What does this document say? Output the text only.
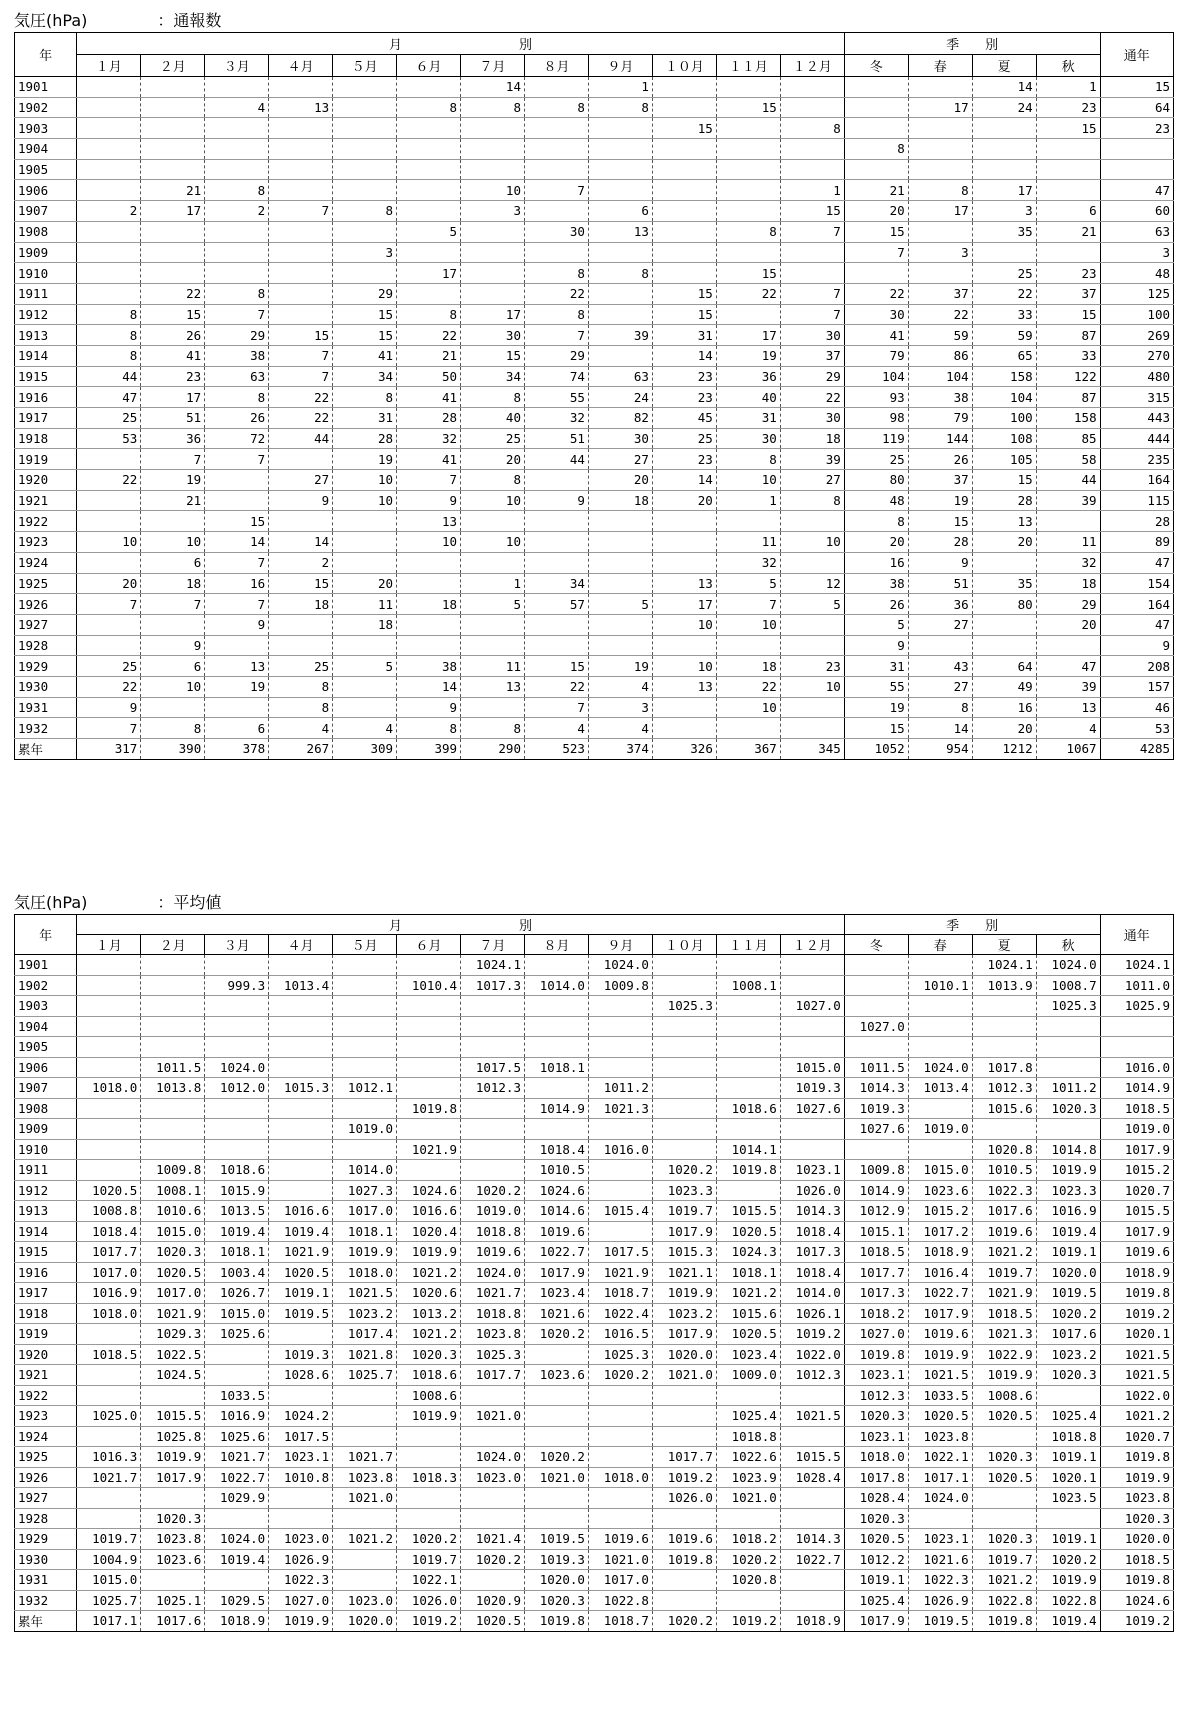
気圧(hPa)	：通報数
年	月　　　　　　　　　別												季　　別				通年
	１月	２月	３月	４月	５月	６月	７月	８月	９月	１０月	１１月	１２月	冬	春	夏	秋	
1901							14		1						14	1	15
1902			4	13		8	8	8	8		15			17	24	23	64
1903										15		8				15	23
1904													8				
1905																	
1906		21	8				10	7				1	21	8	17		47
1907	2	17	2	7	8		3		6			15	20	17	3	6	60
1908						5		30	13		8	7	15		35	21	63
1909					3								7	3			3
1910						17		8	8		15				25	23	48
1911		22	8		29			22		15	22	7	22	37	22	37	125
1912	8	15	7		15	8	17	8		15		7	30	22	33	15	100
1913	8	26	29	15	15	22	30	7	39	31	17	30	41	59	59	87	269
1914	8	41	38	7	41	21	15	29		14	19	37	79	86	65	33	270
1915	44	23	63	7	34	50	34	74	63	23	36	29	104	104	158	122	480
1916	47	17	8	22	8	41	8	55	24	23	40	22	93	38	104	87	315
1917	25	51	26	22	31	28	40	32	82	45	31	30	98	79	100	158	443
1918	53	36	72	44	28	32	25	51	30	25	30	18	119	144	108	85	444
1919		7	7		19	41	20	44	27	23	8	39	25	26	105	58	235
1920	22	19		27	10	7	8		20	14	10	27	80	37	15	44	164
1921		21		9	10	9	10	9	18	20	1	8	48	19	28	39	115
1922			15			13							8	15	13		28
1923	10	10	14	14		10	10				11	10	20	28	20	11	89
1924		6	7	2							32		16	9		32	47
1925	20	18	16	15	20		1	34		13	5	12	38	51	35	18	154
1926	7	7	7	18	11	18	5	57	5	17	7	5	26	36	80	29	164
1927			9		18					10	10		5	27		20	47
1928		9											9				9
1929	25	6	13	25	5	38	11	15	19	10	18	23	31	43	64	47	208
1930	22	10	19	8		14	13	22	4	13	22	10	55	27	49	39	157
1931	9			8		9		7	3		10		19	8	16	13	46
1932	7	8	6	4	4	8	8	4	4				15	14	20	4	53
累年	317	390	378	267	309	399	290	523	374	326	367	345	1052	954	1212	1067	4285
気圧(hPa)	：平均値
年	月　　　　　　　　　別												季　　別				通年
	１月	２月	３月	４月	５月	６月	７月	８月	９月	１０月	１１月	１２月	冬	春	夏	秋	
1901							1024.1		1024.0						1024.1	1024.0	1024.1
1902			999.3	1013.4		1010.4	1017.3	1014.0	1009.8		1008.1			1010.1	1013.9	1008.7	1011.0
1903										1025.3		1027.0				1025.3	1025.9
1904													1027.0				
1905																	
1906		1011.5	1024.0				1017.5	1018.1				1015.0	1011.5	1024.0	1017.8		1016.0
1907	1018.0	1013.8	1012.0	1015.3	1012.1		1012.3		1011.2			1019.3	1014.3	1013.4	1012.3	1011.2	1014.9
1908						1019.8		1014.9	1021.3		1018.6	1027.6	1019.3		1015.6	1020.3	1018.5
1909					1019.0								1027.6	1019.0			1019.0
1910						1021.9		1018.4	1016.0		1014.1				1020.8	1014.8	1017.9
1911		1009.8	1018.6		1014.0			1010.5		1020.2	1019.8	1023.1	1009.8	1015.0	1010.5	1019.9	1015.2
1912	1020.5	1008.1	1015.9		1027.3	1024.6	1020.2	1024.6		1023.3		1026.0	1014.9	1023.6	1022.3	1023.3	1020.7
1913	1008.8	1010.6	1013.5	1016.6	1017.0	1016.6	1019.0	1014.6	1015.4	1019.7	1015.5	1014.3	1012.9	1015.2	1017.6	1016.9	1015.5
1914	1018.4	1015.0	1019.4	1019.4	1018.1	1020.4	1018.8	1019.6		1017.9	1020.5	1018.4	1015.1	1017.2	1019.6	1019.4	1017.9
1915	1017.7	1020.3	1018.1	1021.9	1019.9	1019.9	1019.6	1022.7	1017.5	1015.3	1024.3	1017.3	1018.5	1018.9	1021.2	1019.1	1019.6
1916	1017.0	1020.5	1003.4	1020.5	1018.0	1021.2	1024.0	1017.9	1021.9	1021.1	1018.1	1018.4	1017.7	1016.4	1019.7	1020.0	1018.9
1917	1016.9	1017.0	1026.7	1019.1	1021.5	1020.6	1021.7	1023.4	1018.7	1019.9	1021.2	1014.0	1017.3	1022.7	1021.9	1019.5	1019.8
1918	1018.0	1021.9	1015.0	1019.5	1023.2	1013.2	1018.8	1021.6	1022.4	1023.2	1015.6	1026.1	1018.2	1017.9	1018.5	1020.2	1019.2
1919		1029.3	1025.6		1017.4	1021.2	1023.8	1020.2	1016.5	1017.9	1020.5	1019.2	1027.0	1019.6	1021.3	1017.6	1020.1
1920	1018.5	1022.5		1019.3	1021.8	1020.3	1025.3		1025.3	1020.0	1023.4	1022.0	1019.8	1019.9	1022.9	1023.2	1021.5
1921		1024.5		1028.6	1025.7	1018.6	1017.7	1023.6	1020.2	1021.0	1009.0	1012.3	1023.1	1021.5	1019.9	1020.3	1021.5
1922			1033.5			1008.6							1012.3	1033.5	1008.6		1022.0
1923	1025.0	1015.5	1016.9	1024.2		1019.9	1021.0				1025.4	1021.5	1020.3	1020.5	1020.5	1025.4	1021.2
1924		1025.8	1025.6	1017.5							1018.8		1023.1	1023.8		1018.8	1020.7
1925	1016.3	1019.9	1021.7	1023.1	1021.7		1024.0	1020.2		1017.7	1022.6	1015.5	1018.0	1022.1	1020.3	1019.1	1019.8
1926	1021.7	1017.9	1022.7	1010.8	1023.8	1018.3	1023.0	1021.0	1018.0	1019.2	1023.9	1028.4	1017.8	1017.1	1020.5	1020.1	1019.9
1927			1029.9		1021.0					1026.0	1021.0		1028.4	1024.0		1023.5	1023.8
1928		1020.3											1020.3				1020.3
1929	1019.7	1023.8	1024.0	1023.0	1021.2	1020.2	1021.4	1019.5	1019.6	1019.6	1018.2	1014.3	1020.5	1023.1	1020.3	1019.1	1020.0
1930	1004.9	1023.6	1019.4	1026.9		1019.7	1020.2	1019.3	1021.0	1019.8	1020.2	1022.7	1012.2	1021.6	1019.7	1020.2	1018.5
1931	1015.0			1022.3		1022.1		1020.0	1017.0		1020.8		1019.1	1022.3	1021.2	1019.9	1019.8
1932	1025.7	1025.1	1029.5	1027.0	1023.0	1026.0	1020.9	1020.3	1022.8				1025.4	1026.9	1022.8	1022.8	1024.6
累年	1017.1	1017.6	1018.9	1019.9	1020.0	1019.2	1020.5	1019.8	1018.7	1020.2	1019.2	1018.9	1017.9	1019.5	1019.8	1019.4	1019.2
